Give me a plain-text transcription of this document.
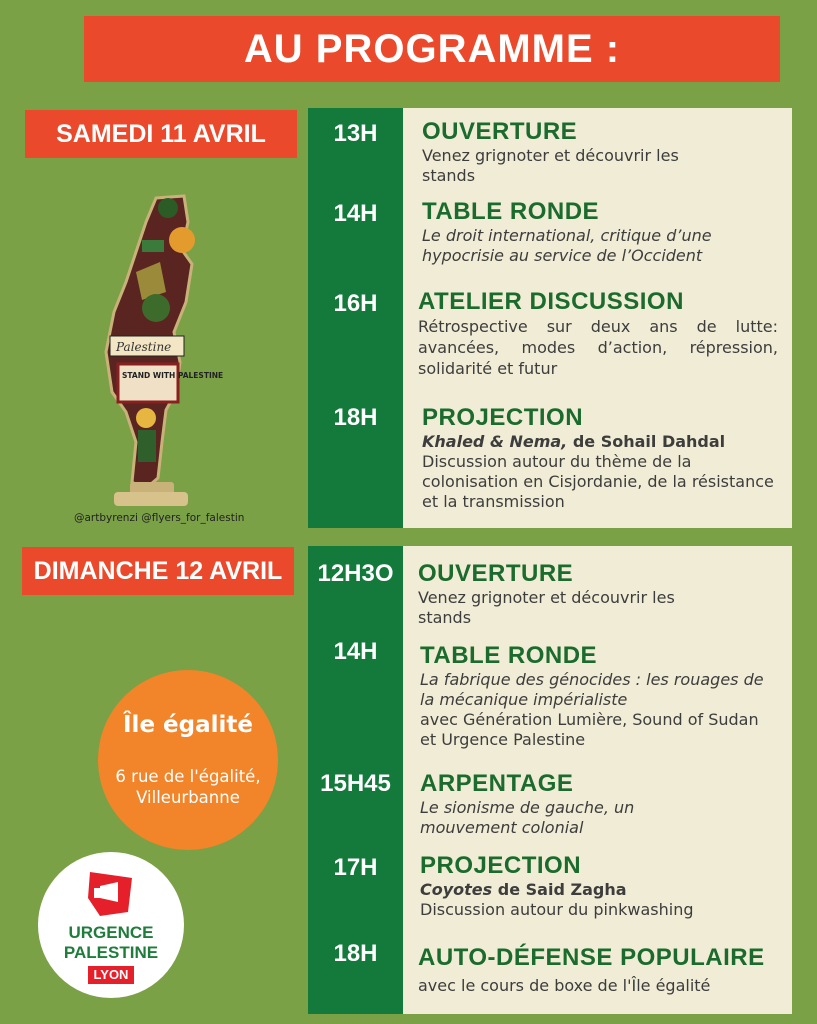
AU PROGRAMME :
SAMEDI 11 AVRIL	13H
14H
16H
18H
OUVERTURE
Venez grignoter et découvrir les stands
TABLE RONDE
Le droit international, critique d’une hypocrisie au service de l’Occident
ATELIER DISCUSSION
Rétrospective sur deux ans de lutte: avancées, modes d’action, répression, solidarité et futur
PROJECTION
Khaled & Nema, de Sohail Dahdal
Discussion autour du thème de la colonisation en Cisjordanie, de la résistance et la transmission
Palestine
STAND WITH PALESTINE
@artbyrenzi @flyers_for_falestin
DIMANCHE 12 AVRIL	12H3O
14H
15H45
17H
18H
OUVERTURE
Venez grignoter et découvrir les stands
TABLE RONDE
La fabrique des génocides : les rouages de la mécanique impérialiste
avec Génération Lumière, Sound of Sudan et Urgence Palestine
ARPENTAGE
Le sionisme de gauche, un mouvement colonial
PROJECTION
Coyotes de Said Zagha
Discussion autour du pinkwashing
AUTO-DÉFENSE POPULAIRE
avec le cours de boxe de l'Île égalité
Île égalité
6 rue de l'égalité,
Villeurbanne
URGENCE
PALESTINE
LYON
